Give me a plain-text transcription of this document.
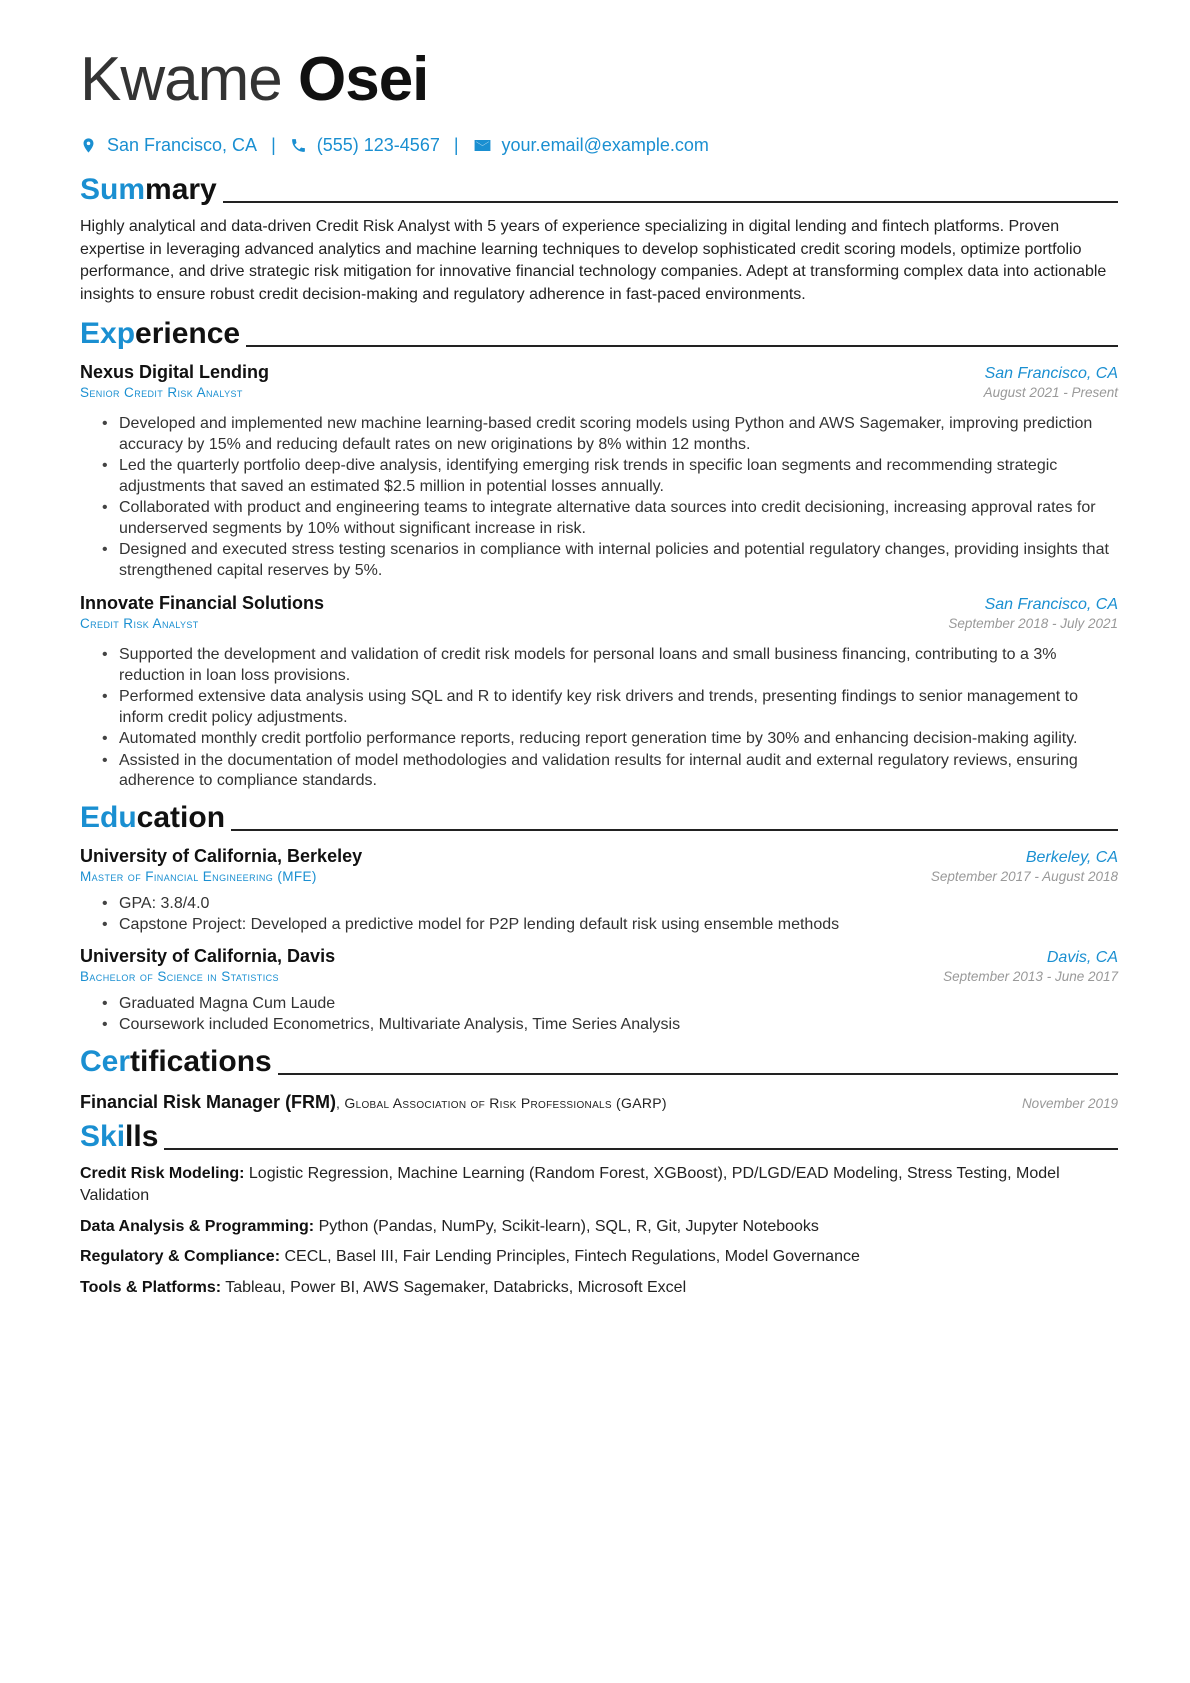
Kwame Osei
San Francisco, CA | (555) 123-4567 | your.email@example.com
Summary
Highly analytical and data-driven Credit Risk Analyst with 5 years of experience specializing in digital lending and fintech platforms. Proven expertise in leveraging advanced analytics and machine learning techniques to develop sophisticated credit scoring models, optimize portfolio performance, and drive strategic risk mitigation for innovative financial technology companies. Adept at transforming complex data into actionable insights to ensure robust credit decision-making and regulatory adherence in fast-paced environments.
Experience
Nexus Digital Lending	San Francisco, CA
Senior Credit Risk Analyst	August 2021 - Present
• Developed and implemented new machine learning-based credit scoring models using Python and AWS Sagemaker, improving prediction accuracy by 15% and reducing default rates on new originations by 8% within 12 months.
• Led the quarterly portfolio deep-dive analysis, identifying emerging risk trends in specific loan segments and recommending strategic adjustments that saved an estimated $2.5 million in potential losses annually.
• Collaborated with product and engineering teams to integrate alternative data sources into credit decisioning, increasing approval rates for underserved segments by 10% without significant increase in risk.
• Designed and executed stress testing scenarios in compliance with internal policies and potential regulatory changes, providing insights that strengthened capital reserves by 5%.
Innovate Financial Solutions	San Francisco, CA
Credit Risk Analyst	September 2018 - July 2021
• Supported the development and validation of credit risk models for personal loans and small business financing, contributing to a 3% reduction in loan loss provisions.
• Performed extensive data analysis using SQL and R to identify key risk drivers and trends, presenting findings to senior management to inform credit policy adjustments.
• Automated monthly credit portfolio performance reports, reducing report generation time by 30% and enhancing decision-making agility.
• Assisted in the documentation of model methodologies and validation results for internal audit and external regulatory reviews, ensuring adherence to compliance standards.
Education
University of California, Berkeley	Berkeley, CA
Master of Financial Engineering (MFE)	September 2017 - August 2018
• GPA: 3.8/4.0
• Capstone Project: Developed a predictive model for P2P lending default risk using ensemble methods
University of California, Davis	Davis, CA
Bachelor of Science in Statistics	September 2013 - June 2017
• Graduated Magna Cum Laude
• Coursework included Econometrics, Multivariate Analysis, Time Series Analysis
Certifications
Financial Risk Manager (FRM), Global Association of Risk Professionals (GARP)	November 2019
Skills
Credit Risk Modeling: Logistic Regression, Machine Learning (Random Forest, XGBoost), PD/LGD/EAD Modeling, Stress Testing, Model Validation
Data Analysis & Programming: Python (Pandas, NumPy, Scikit-learn), SQL, R, Git, Jupyter Notebooks
Regulatory & Compliance: CECL, Basel III, Fair Lending Principles, Fintech Regulations, Model Governance
Tools & Platforms: Tableau, Power BI, AWS Sagemaker, Databricks, Microsoft Excel
